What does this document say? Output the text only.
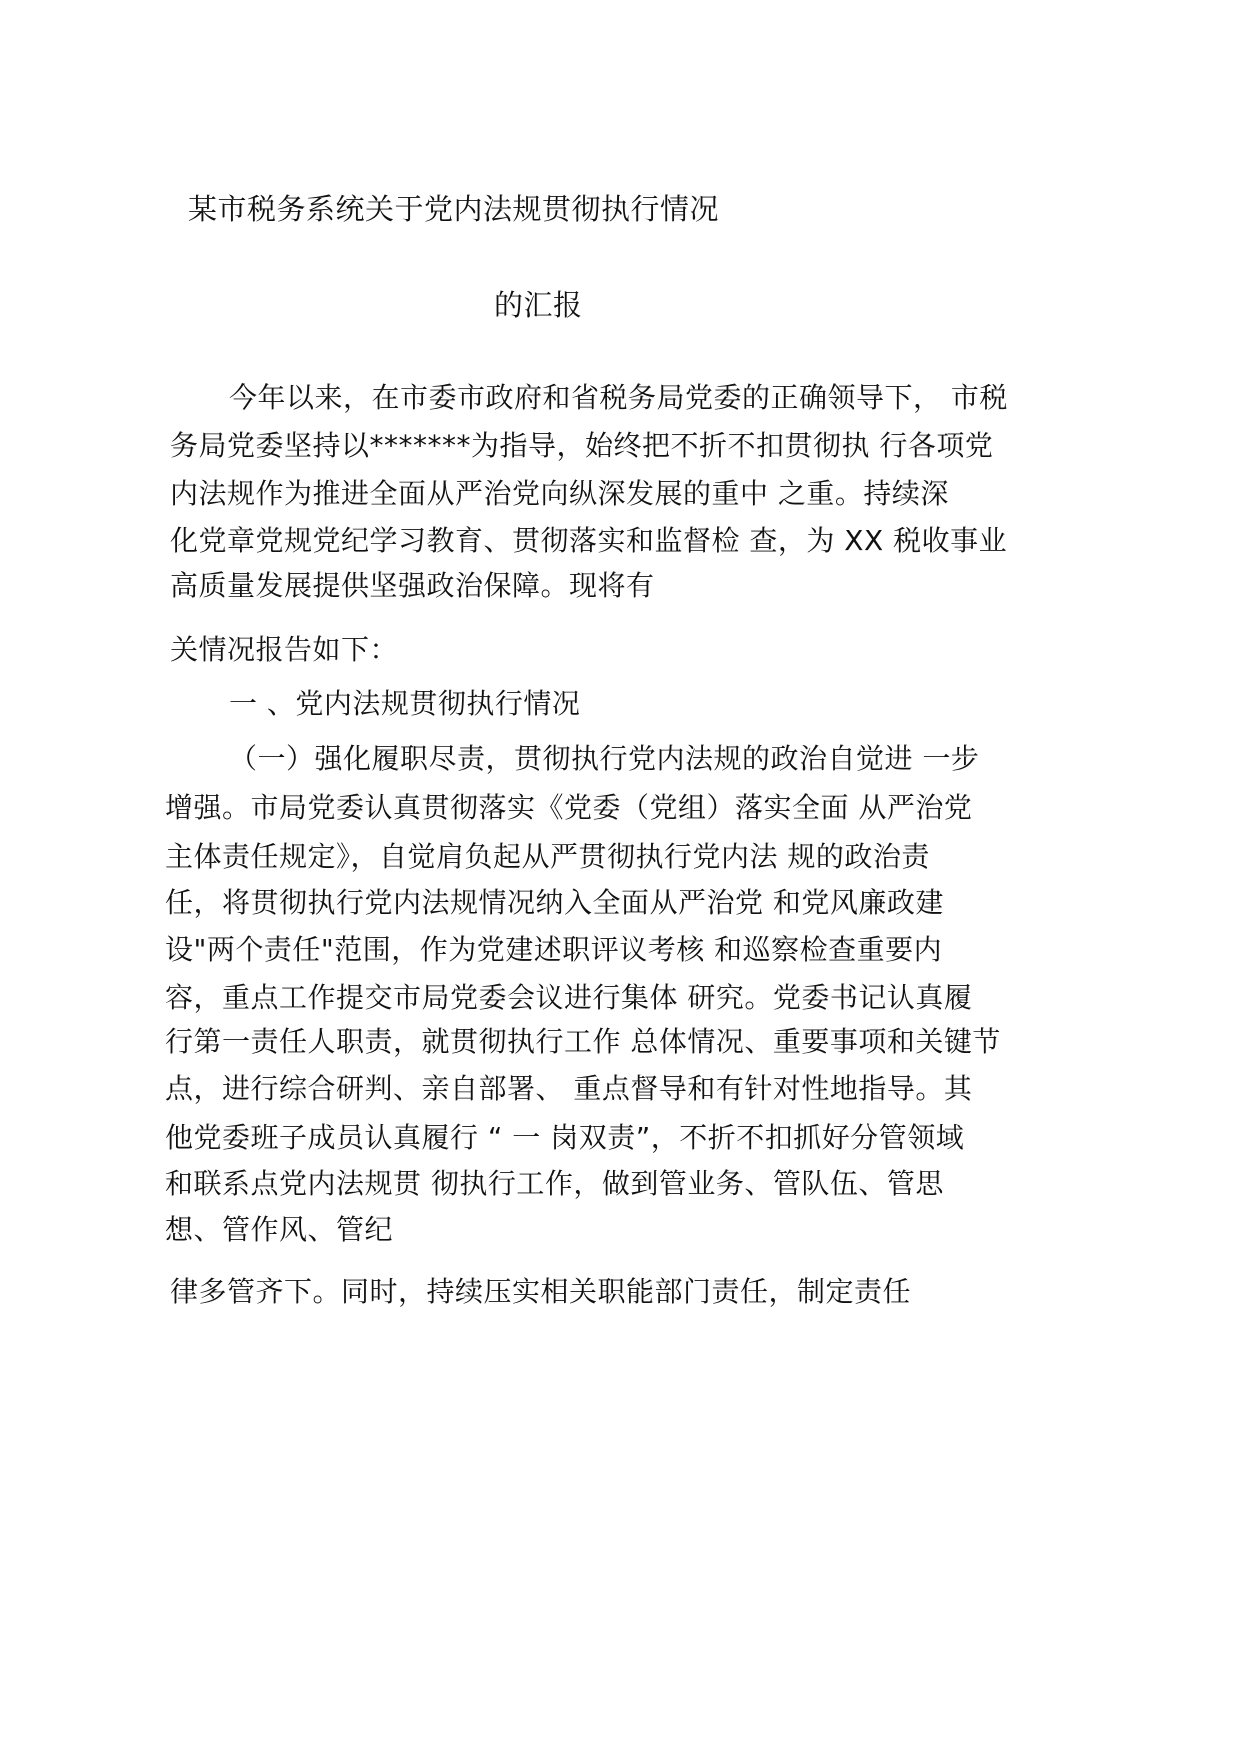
某市税务系统关于党内法规贯彻执行情况
的汇报
今年以来，在市委市政府和省税务局党委的正确领导下， 市税
务局党委坚持以*******为指导，始终把不折不扣贯彻执 行各项党
内法规作为推进全面从严治党向纵深发展的重中 之重。持续深
化党章党规党纪学习教育、贯彻落实和监督检 查，为 XX 税收事业
高质量发展提供坚强政治保障。现将有
关情况报告如下：
一 、党内法规贯彻执行情况
（一）强化履职尽责，贯彻执行党内法规的政治自觉进 一步
增强。市局党委认真贯彻落实《党委（党组）落实全面 从严治党
主体责任规定》，自觉肩负起从严贯彻执行党内法 规的政治责
任，将贯彻执行党内法规情况纳入全面从严治党 和党风廉政建
设"两个责任"范围，作为党建述职评议考核 和巡察检查重要内
容，重点工作提交市局党委会议进行集体 研究。党委书记认真履
行第一责任人职责，就贯彻执行工作 总体情况、重要事项和关键节
点，进行综合研判、亲自部署、 重点督导和有针对性地指导。其
他党委班子成员认真履行 “ 一 岗双责”，不折不扣抓好分管领域
和联系点党内法规贯 彻执行工作，做到管业务、管队伍、管思
想、管作风、管纪
律多管齐下。同时，持续压实相关职能部门责任，制定责任
